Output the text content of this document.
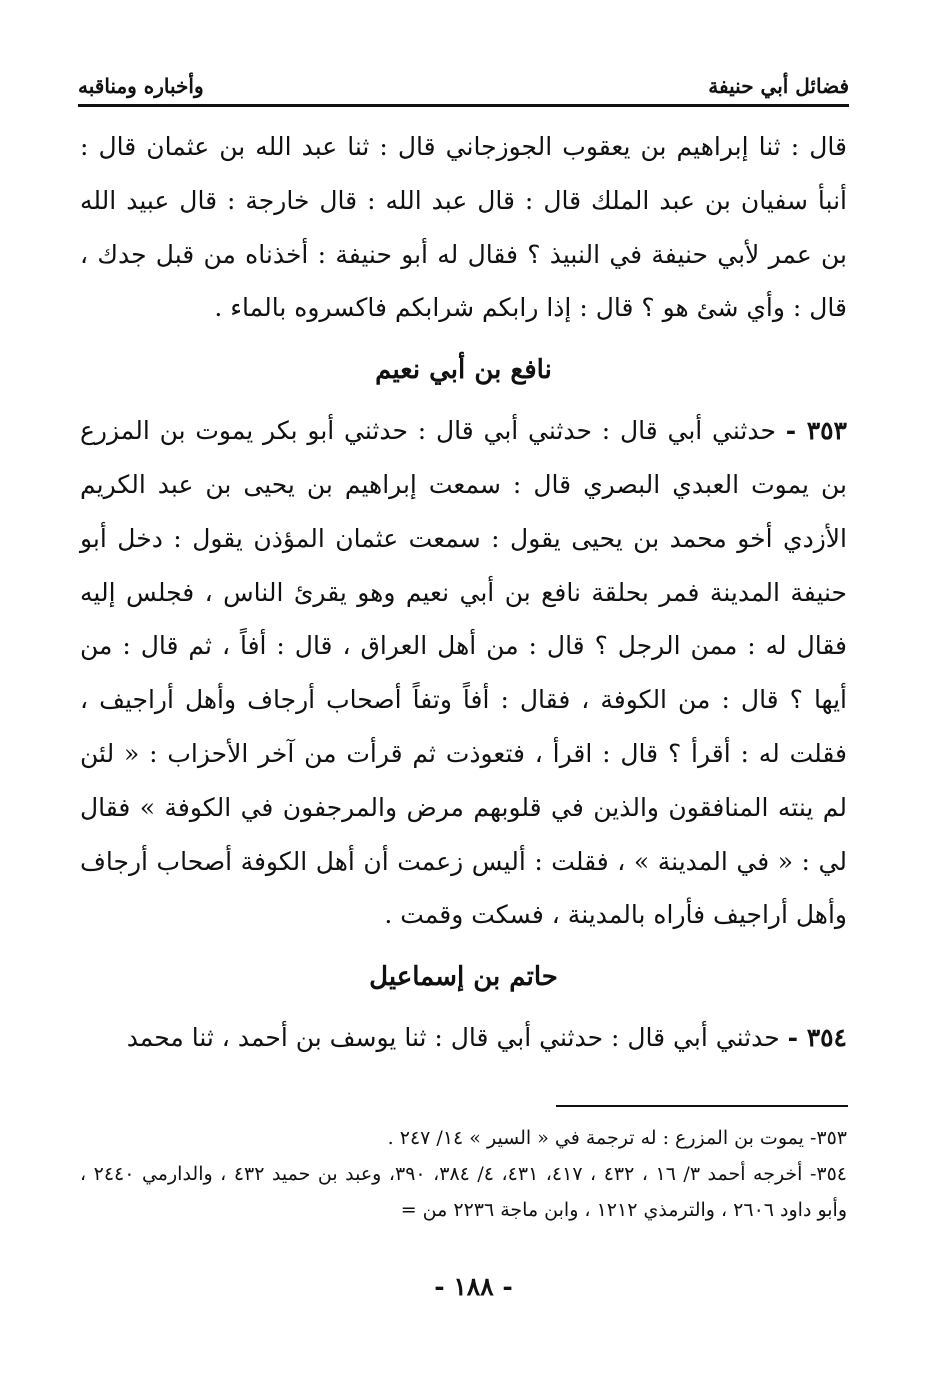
فضائل أبي حنيفة
وأخباره ومناقبه

قال : ثنا إبراهيم بن يعقوب الجوزجاني قال : ثنا عبد الله بن عثمان قال : أنبأ سفيان بن عبد الملك قال : قال عبد الله : قال خارجة : قال عبيد الله بن عمر لأبي حنيفة في النبيذ ؟ فقال له أبو حنيفة : أخذناه من قبل جدك ، قال : وأي شئ هو ؟ قال : إذا رابكم شرابكم فاكسروه بالماء .

نافع بن أبي نعيم

٣٥٣ - حدثني أبي قال : حدثني أبي قال : حدثني أبو بكر يموت بن المزرع بن يموت العبدي البصري قال : سمعت إبراهيم بن يحيى بن عبد الكريم الأزدي أخو محمد بن يحيى يقول : سمعت عثمان المؤذن يقول : دخل أبو حنيفة المدينة فمر بحلقة نافع بن أبي نعيم وهو يقرئ الناس ، فجلس إليه فقال له : ممن الرجل ؟ قال : من أهل العراق ، قال : أفاً ، ثم قال : من أيها ؟ قال : من الكوفة ، فقال : أفاً وتفاً أصحاب أرجاف وأهل أراجيف ، فقلت له : أقرأ ؟ قال : اقرأ ، فتعوذت ثم قرأت من آخر الأحزاب : « لئن لم ينته المنافقون والذين في قلوبهم مرض والمرجفون في الكوفة » فقال لي : « في المدينة » ، فقلت : أليس زعمت أن أهل الكوفة أصحاب أرجاف وأهل أراجيف فأراه بالمدينة ، فسكت وقمت .

حاتم بن إسماعيل

٣٥٤ - حدثني أبي قال : حدثني أبي قال : ثنا يوسف بن أحمد ، ثنا محمد

٣٥٣- يموت بن المزرع : له ترجمة في « السير » ١٤/ ٢٤٧ .

٣٥٤- أخرجه أحمد ٣/ ١٦ ، ٤٣٢ ، ٤١٧، ٤٣١، ٤/ ٣٨٤، ٣٩٠، وعبد بن حميد ٤٣٢ ، والدارمي ٢٤٤٠ ، وأبو داود ٢٦٠٦ ، والترمذي ١٢١٢ ، وابن ماجة ٢٢٣٦ من =

- ١٨٨ -
